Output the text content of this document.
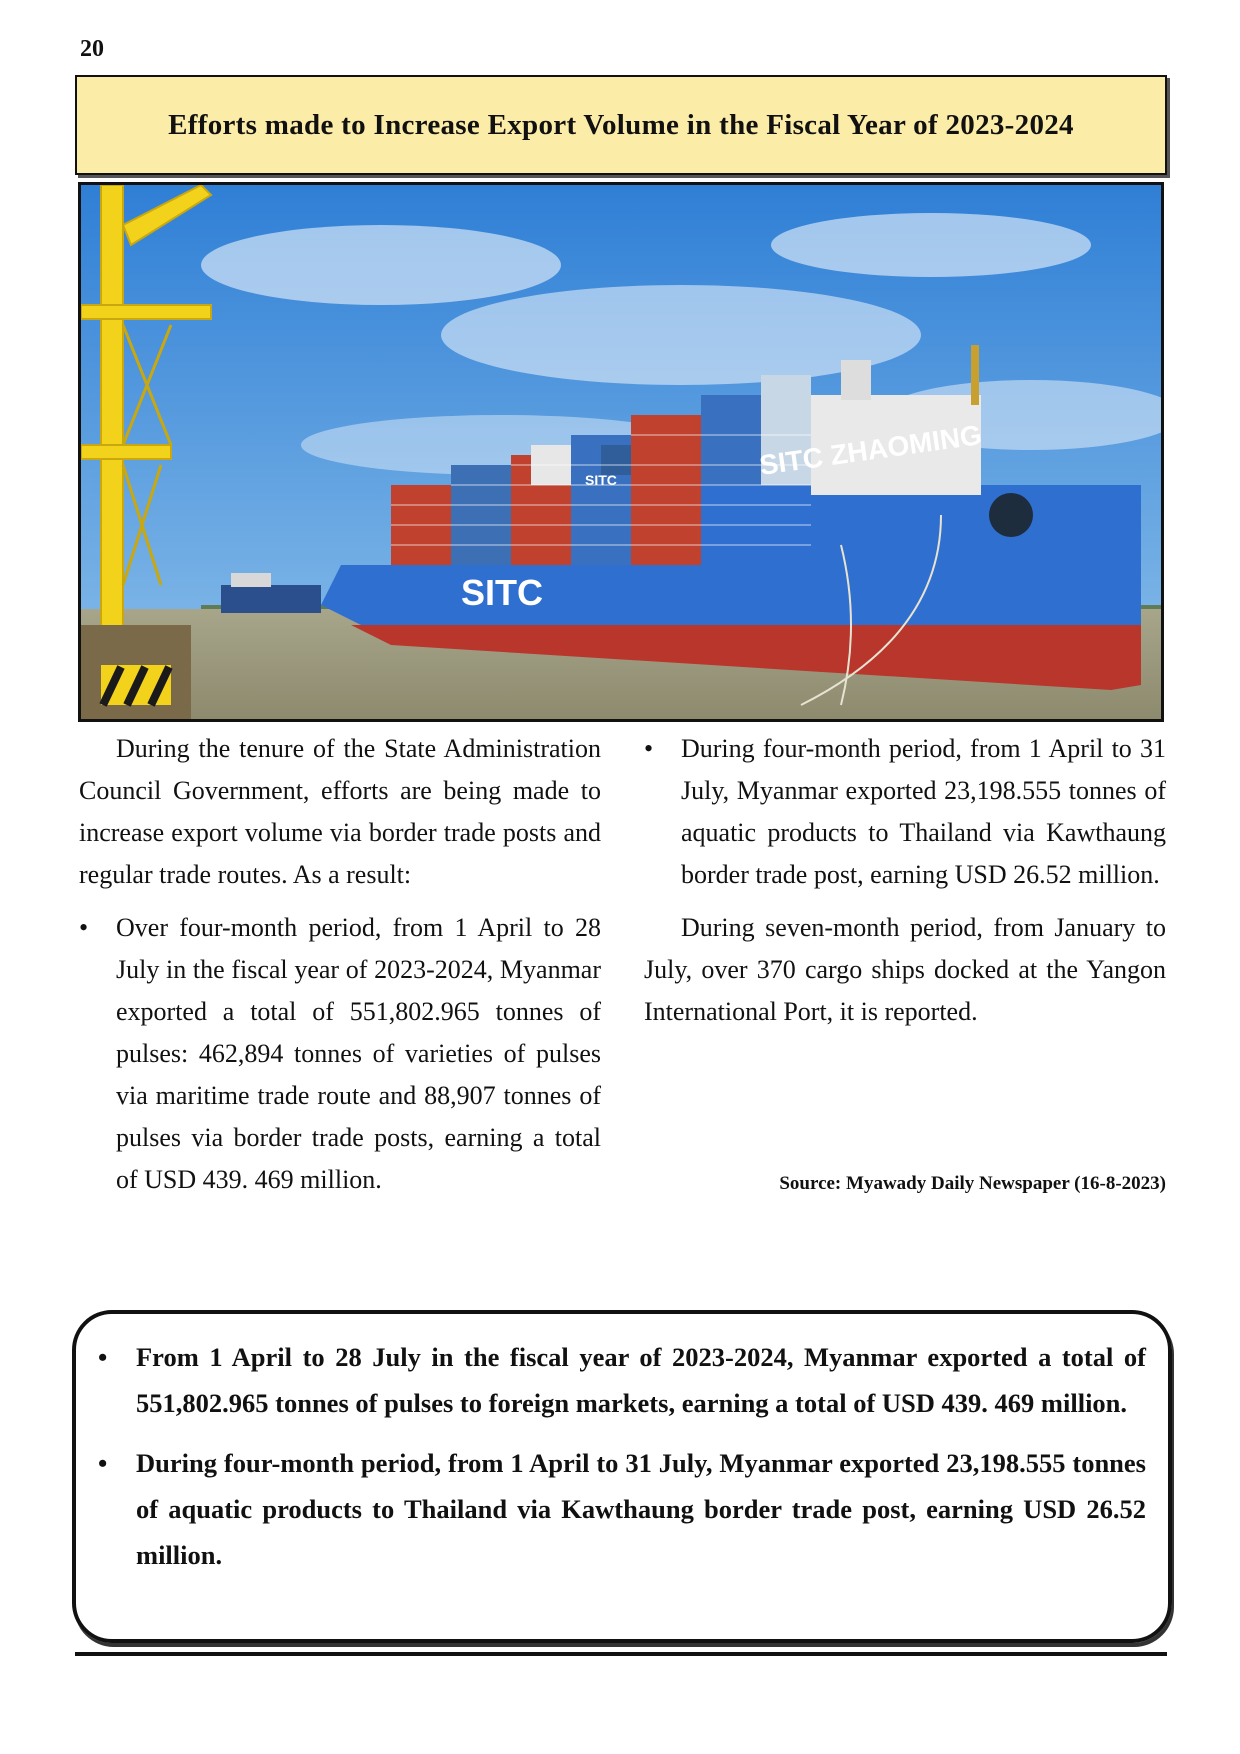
20
Efforts made to Increase Export Volume in the Fiscal Year of 2023-2024
SITC ZHAOMING
SITC
SITC

During the tenure of the State Administration Council Government, efforts are being made to increase export volume via border trade posts and regular trade routes. As a result:

• Over four-month period, from 1 April to 28 July in the fiscal year of 2023-2024, Myanmar exported a total of 551,802.965 tonnes of pulses: 462,894 tonnes of varieties of pulses via maritime trade route and 88,907 tonnes of pulses via border trade posts, earning a total of USD 439. 469 million.

• During four-month period, from 1 April to 31 July, Myanmar exported 23,198.555 tonnes of aquatic products to Thailand via Kawthaung border trade post, earning USD 26.52 million.

During seven-month period, from January to July, over 370 cargo ships docked at the Yangon International Port, it is reported.

Source: Myawady Daily Newspaper (16-8-2023)
• From 1 April to 28 July in the fiscal year of 2023-2024, Myanmar exported a total of 551,802.965 tonnes of pulses to foreign markets, earning a total of USD 439. 469 million.
• During four-month period, from 1 April to 31 July, Myanmar exported 23,198.555 tonnes of aquatic products to Thailand via Kawthaung border trade post, earning USD 26.52 million.
